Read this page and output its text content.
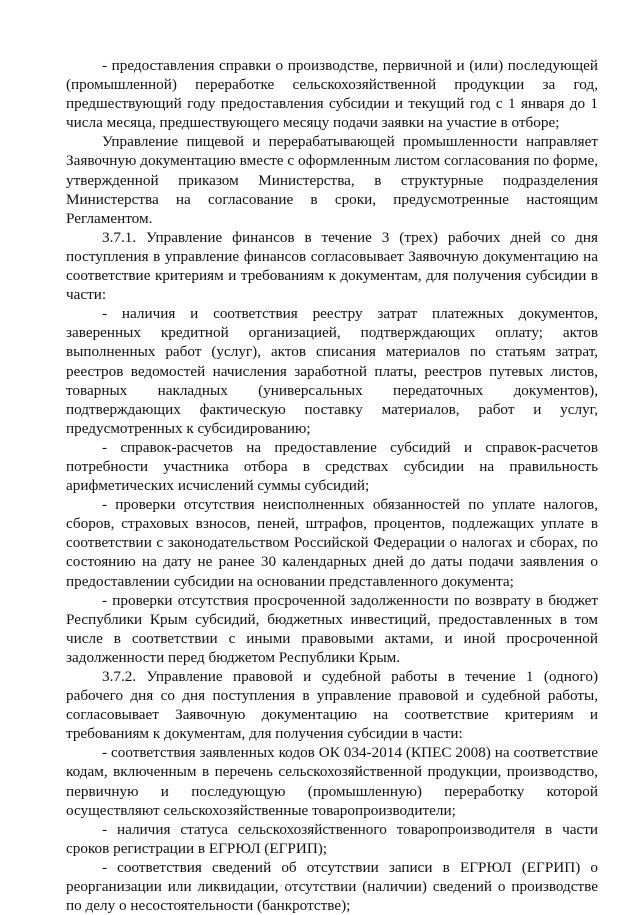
- предоставления справки о производстве, первичной и (или) последующей (промышленной) переработке сельскохозяйственной продукции за год, предшествующий году предоставления субсидии и текущий год с 1 января до 1 числа месяца, предшествующего месяцу подачи заявки на участие в отборе;

Управление пищевой и перерабатывающей промышленности направляет Заявочную документацию вместе с оформленным листом согласования по форме, утвержденной приказом Министерства, в структурные подразделения Министерства на согласование в сроки, предусмотренные настоящим Регламентом.

3.7.1. Управление финансов в течение 3 (трех) рабочих дней со дня поступления в управление финансов согласовывает Заявочную документацию на соответствие критериям и требованиям к документам, для получения субсидии в части:

- наличия и соответствия реестру затрат платежных документов, заверенных кредитной организацией, подтверждающих оплату; актов выполненных работ (услуг), актов списания материалов по статьям затрат, реестров ведомостей начисления заработной платы, реестров путевых листов, товарных накладных (универсальных передаточных документов), подтверждающих фактическую поставку материалов, работ и услуг, предусмотренных к субсидированию;

- справок-расчетов на предоставление субсидий и справок-расчетов потребности участника отбора в средствах субсидии на правильность арифметических исчислений суммы субсидий;

- проверки отсутствия неисполненных обязанностей по уплате налогов, сборов, страховых взносов, пеней, штрафов, процентов, подлежащих уплате в соответствии с законодательством Российской Федерации о налогах и сборах, по состоянию на дату не ранее 30 календарных дней до даты подачи заявления о предоставлении субсидии на основании представленного документа;

- проверки отсутствия просроченной задолженности по возврату в бюджет Республики Крым субсидий, бюджетных инвестиций, предоставленных в том числе в соответствии с иными правовыми актами, и иной просроченной задолженности перед бюджетом Республики Крым.

3.7.2. Управление правовой и судебной работы в течение 1 (одного) рабочего дня со дня поступления в управление правовой и судебной работы, согласовывает Заявочную документацию на соответствие критериям и требованиям к документам, для получения субсидии в части:

- соответствия заявленных кодов ОК 034-2014 (КПЕС 2008) на соответствие кодам, включенным в перечень сельскохозяйственной продукции, производство, первичную и последующую (промышленную) переработку которой осуществляют сельскохозяйственные товаропроизводители;

- наличия статуса сельскохозяйственного товаропроизводителя в части сроков регистрации в ЕГРЮЛ (ЕГРИП);

- соответствия сведений об отсутствии записи в ЕГРЮЛ (ЕГРИП) о реорганизации или ликвидации, отсутствии (наличии) сведений о производстве по делу о несостоятельности (банкротстве);
